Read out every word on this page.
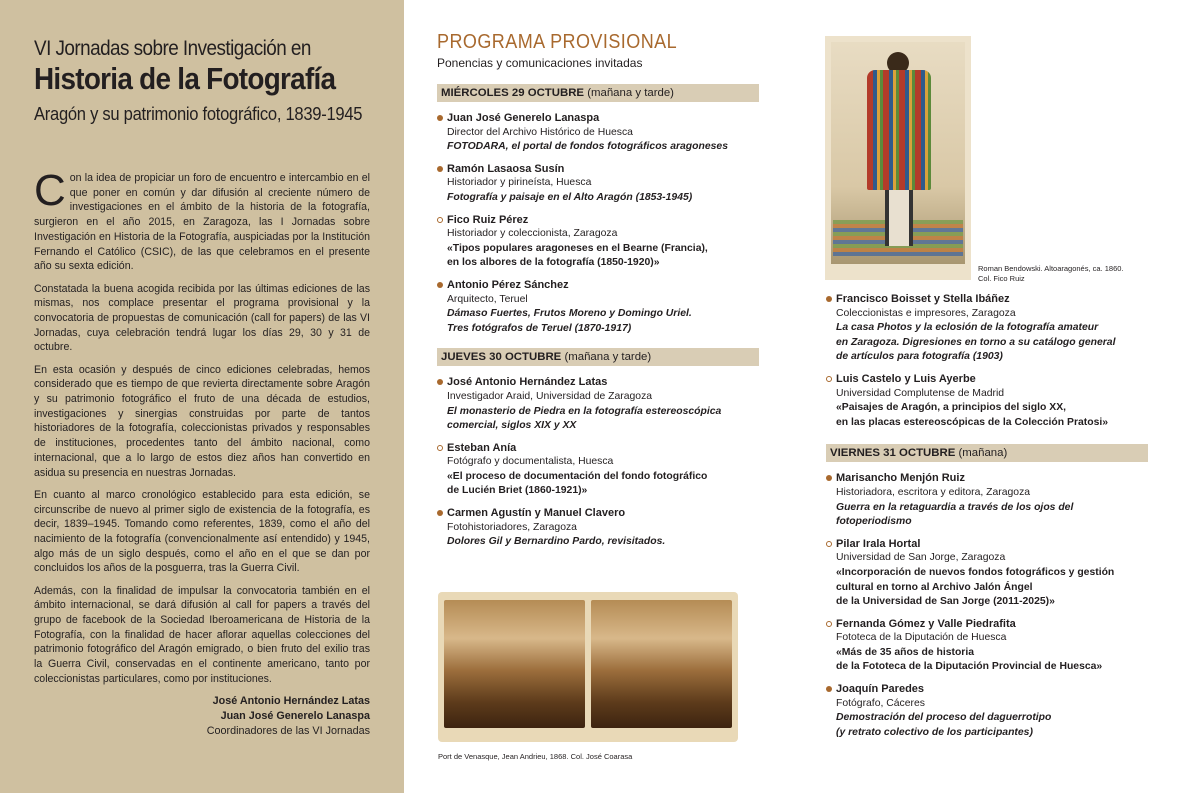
VI Jornadas sobre Investigación en
Historia de la Fotografía
Aragón y su patrimonio fotográfico, 1839-1945

Con la idea de propiciar un foro de encuentro e intercambio en el que poner en común y dar difusión al creciente número de investigaciones en el ámbito de la historia de la fotografía, surgieron en el año 2015, en Zaragoza, las I Jornadas sobre Investigación en Historia de la Fotografía, auspiciadas por la Institución Fernando el Católico (CSIC), de las que celebramos en el presente año su sexta edición.

Constatada la buena acogida recibida por las últimas ediciones de las mismas, nos complace presentar el programa provisional y la convocatoria de propuestas de comunicación (call for papers) de las VI Jornadas, cuya celebración tendrá lugar los días 29, 30 y 31 de octubre.

En esta ocasión y después de cinco ediciones celebradas, hemos considerado que es tiempo de que revierta directamente sobre Aragón y su patrimonio fotográfico el fruto de una década de estudios, investigaciones y sinergias construidas por parte de tantos historiadores de la fotografía, coleccionistas privados y responsables de instituciones, procedentes tanto del ámbito nacional, como internacional, que a lo largo de estos diez años han convertido en asidua su presencia en nuestras Jornadas.

En cuanto al marco cronológico establecido para esta edición, se circunscribe de nuevo al primer siglo de existencia de la fotografía, es decir, 1839–1945. Tomando como referentes, 1839, como el año del nacimiento de la fotografía (convencionalmente así entendido) y 1945, algo más de un siglo después, como el año en el que se dan por concluidos los años de la posguerra, tras la Guerra Civil.

Además, con la finalidad de impulsar la convocatoria también en el ámbito internacional, se dará difusión al call for papers a través del grupo de facebook de la Sociedad Iberoamericana de Historia de la Fotografía, con la finalidad de hacer aflorar aquellas colecciones del patrimonio fotográfico del Aragón emigrado, o bien fruto del exilio tras la Guerra Civil, conservadas en el continente americano, tanto por coleccionistas particulares, como por instituciones.

José Antonio Hernández Latas
Juan José Generelo Lanaspa
Coordinadores de las VI Jornadas
PROGRAMA PROVISIONAL
Ponencias y comunicaciones invitadas
MIÉRCOLES 29 OCTUBRE (mañana y tarde)
Juan José Generelo Lanaspa
Director del Archivo Histórico de Huesca
FOTODARA, el portal de fondos fotográficos aragoneses
Ramón Lasaosa Susín
Historiador y pirineísta, Huesca
Fotografía y paisaje en el Alto Aragón (1853-1945)
Fico Ruiz Pérez
Historiador y coleccionista, Zaragoza
«Tipos populares aragoneses en el Bearne (Francia),
en los albores de la fotografía (1850-1920)»
Antonio Pérez Sánchez
Arquitecto, Teruel
Dámaso Fuertes, Frutos Moreno y Domingo Uriel.
Tres fotógrafos de Teruel (1870-1917)
JUEVES 30 OCTUBRE (mañana y tarde)
José Antonio Hernández Latas
Investigador Araid, Universidad de Zaragoza
El monasterio de Piedra en la fotografía estereoscópica
comercial, siglos XIX y XX
Esteban Anía
Fotógrafo y documentalista, Huesca
«El proceso de documentación del fondo fotográfico
de Lucién Briet (1860-1921)»
Carmen Agustín y Manuel Clavero
Fotohistoriadores, Zaragoza
Dolores Gil y Bernardino Pardo, revisitados.
Port de Venasque, Jean Andrieu, 1868. Col. José Coarasa
Roman Bendowski. Altoaragonés, ca. 1860.
Col. Fico Ruiz
Francisco Boisset y Stella Ibáñez
Coleccionistas e impresores, Zaragoza
La casa Photos y la eclosión de la fotografía amateur
en Zaragoza. Digresiones en torno a su catálogo general
de artículos para fotografía (1903)
Luis Castelo y Luis Ayerbe
Universidad Complutense de Madrid
«Paisajes de Aragón, a principios del siglo XX,
en las placas estereoscópicas de la Colección Pratosi»
VIERNES 31 OCTUBRE (mañana)
Marisancho Menjón Ruiz
Historiadora, escritora y editora, Zaragoza
Guerra en la retaguardia a través de los ojos del
fotoperiodismo
Pilar Irala Hortal
Universidad de San Jorge, Zaragoza
«Incorporación de nuevos fondos fotográficos y gestión
cultural en torno al Archivo Jalón Ángel
de la Universidad de San Jorge (2011-2025)»
Fernanda Gómez y Valle Piedrafita
Fototeca de la Diputación de Huesca
«Más de 35 años de historia
de la Fototeca de la Diputación Provincial de Huesca»
Joaquín Paredes
Fotógrafo, Cáceres
Demostración del proceso del daguerrotipo
(y retrato colectivo de los participantes)
